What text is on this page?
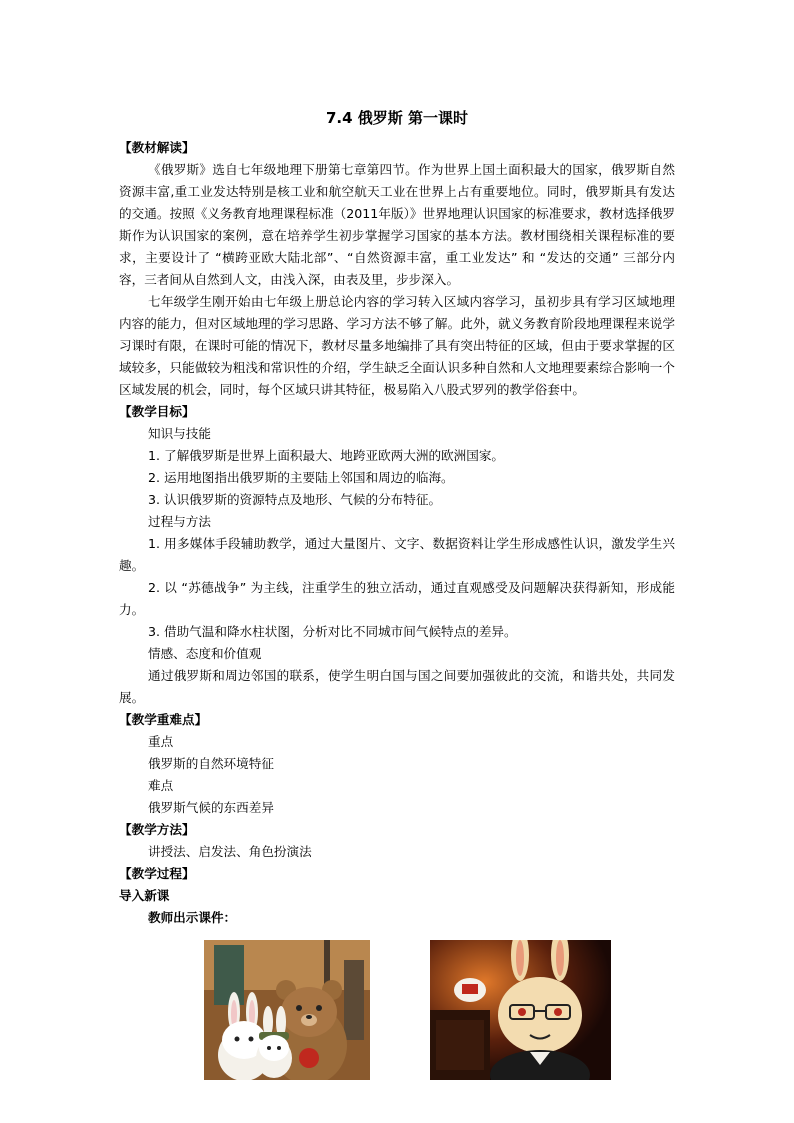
7.4 俄罗斯 第一课时

【教材解读】

《俄罗斯》选自七年级地理下册第七章第四节。作为世界上国土面积最大的国家，俄罗斯自然资源丰富,重工业发达特别是核工业和航空航天工业在世界上占有重要地位。同时，俄罗斯具有发达的交通。按照《义务教育地理课程标准（2011年版）》世界地理认识国家的标准要求，教材选择俄罗斯作为认识国家的案例，意在培养学生初步掌握学习国家的基本方法。教材围绕相关课程标准的要求，主要设计了 “横跨亚欧大陆北部”、“自然资源丰富，重工业发达” 和 “发达的交通” 三部分内容，三者间从自然到人文，由浅入深，由表及里，步步深入。

七年级学生刚开始由七年级上册总论内容的学习转入区域内容学习，虽初步具有学习区域地理内容的能力，但对区域地理的学习思路、学习方法不够了解。此外，就义务教育阶段地理课程来说学习课时有限，在课时可能的情况下，教材尽量多地编排了具有突出特征的区域，但由于要求掌握的区域较多，只能做较为粗浅和常识性的介绍，学生缺乏全面认识多种自然和人文地理要素综合影响一个区域发展的机会，同时，每个区域只讲其特征，极易陷入八股式罗列的教学俗套中。

【教学目标】

知识与技能

1. 了解俄罗斯是世界上面积最大、地跨亚欧两大洲的欧洲国家。

2. 运用地图指出俄罗斯的主要陆上邻国和周边的临海。

3. 认识俄罗斯的资源特点及地形、气候的分布特征。

过程与方法

1. 用多媒体手段辅助教学，通过大量图片、文字、数据资料让学生形成感性认识，激发学生兴趣。

2. 以 “苏德战争” 为主线，注重学生的独立活动，通过直观感受及问题解决获得新知，形成能力。

3. 借助气温和降水柱状图，分析对比不同城市间气候特点的差异。

情感、态度和价值观

通过俄罗斯和周边邻国的联系，使学生明白国与国之间要加强彼此的交流，和谐共处，共同发展。

【教学重难点】

重点

俄罗斯的自然环境特征

难点

俄罗斯气候的东西差异

【教学方法】

讲授法、启发法、角色扮演法

【教学过程】

导入新课

教师出示课件：
